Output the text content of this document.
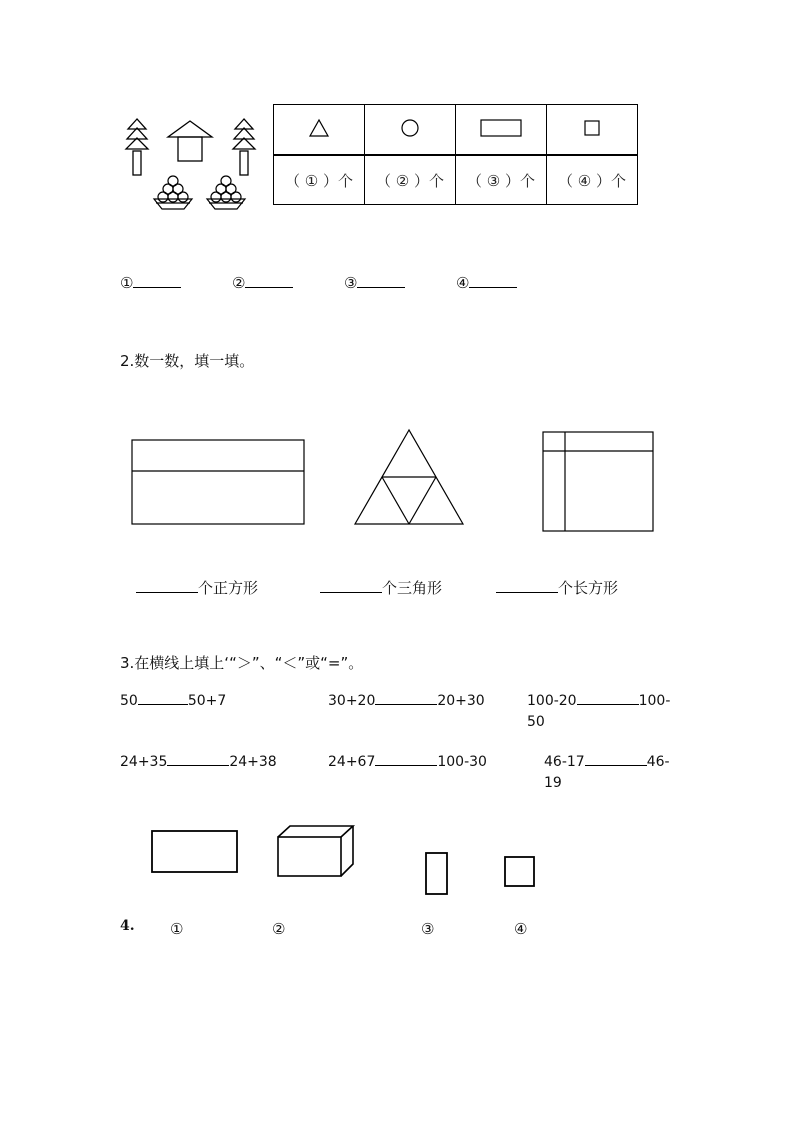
（ ① ）个	（ ② ）个	（ ③ ）个	（ ④ ）个
①	②	③	④
2.数一数，填一填。
个正方形	个三角形	个长方形
3.在横线上填上‘“＞”、“＜”或“=”。
50	50+7	30+20	20+30	100-20	100-50
24+35	24+38	24+67	100-30	46-17	46-19
4. ①	②	③	④
